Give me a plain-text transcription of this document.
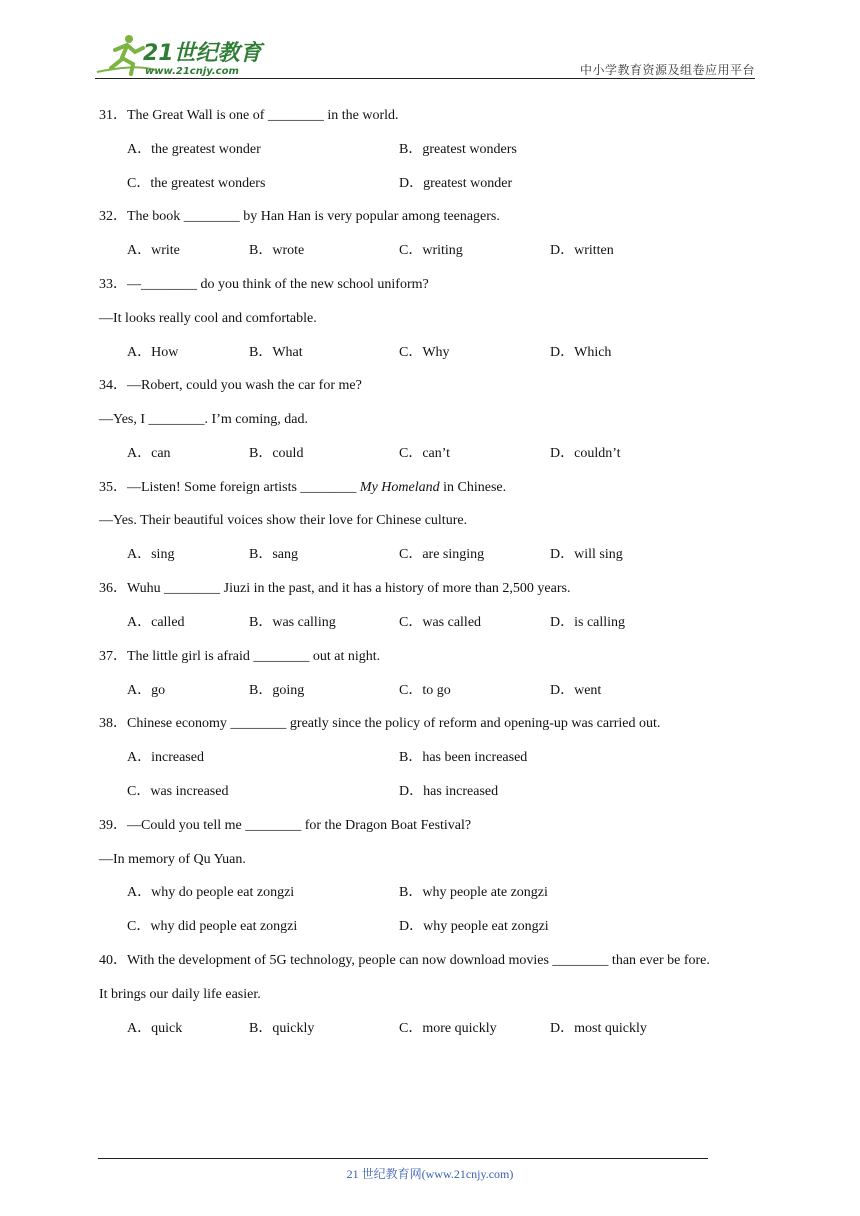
21世纪教育
www.21cnjy.com	中小学教育资源及组卷应用平台
31．The Great Wall is one of ________ in the world.
A．the greatest wonder	B．greatest wonders
C．the greatest wonders	D．greatest wonder
32．The book ________ by Han Han is very popular among teenagers.
A．write	B．wrote	C．writing	D．written
33．—________ do you think of the new school uniform?
—It looks really cool and comfortable.
A．How	B．What	C．Why	D．Which
34．—Robert, could you wash the car for me?
—Yes, I ________. I’m coming, dad.
A．can	B．could	C．can’t	D．couldn’t
35．—Listen! Some foreign artists ________ My Homeland in Chinese.
—Yes. Their beautiful voices show their love for Chinese culture.
A．sing	B．sang	C．are singing	D．will sing
36．Wuhu ________ Jiuzi in the past, and it has a history of more than 2,500 years.
A．called	B．was calling	C．was called	D．is calling
37．The little girl is afraid ________ out at night.
A．go	B．going	C．to go	D．went
38．Chinese economy ________ greatly since the policy of reform and opening-up was carried out.
A．increased	B．has been increased
C．was increased	D．has increased
39．—Could you tell me ________ for the Dragon Boat Festival?
—In memory of Qu Yuan.
A．why do people eat zongzi	B．why people ate zongzi
C．why did people eat zongzi	D．why people eat zongzi
40．With the development of 5G technology, people can now download movies ________ than ever be fore.
It brings our daily life easier.
A．quick	B．quickly	C．more quickly	D．most quickly
21 世纪教育网(www.21cnjy.com)
